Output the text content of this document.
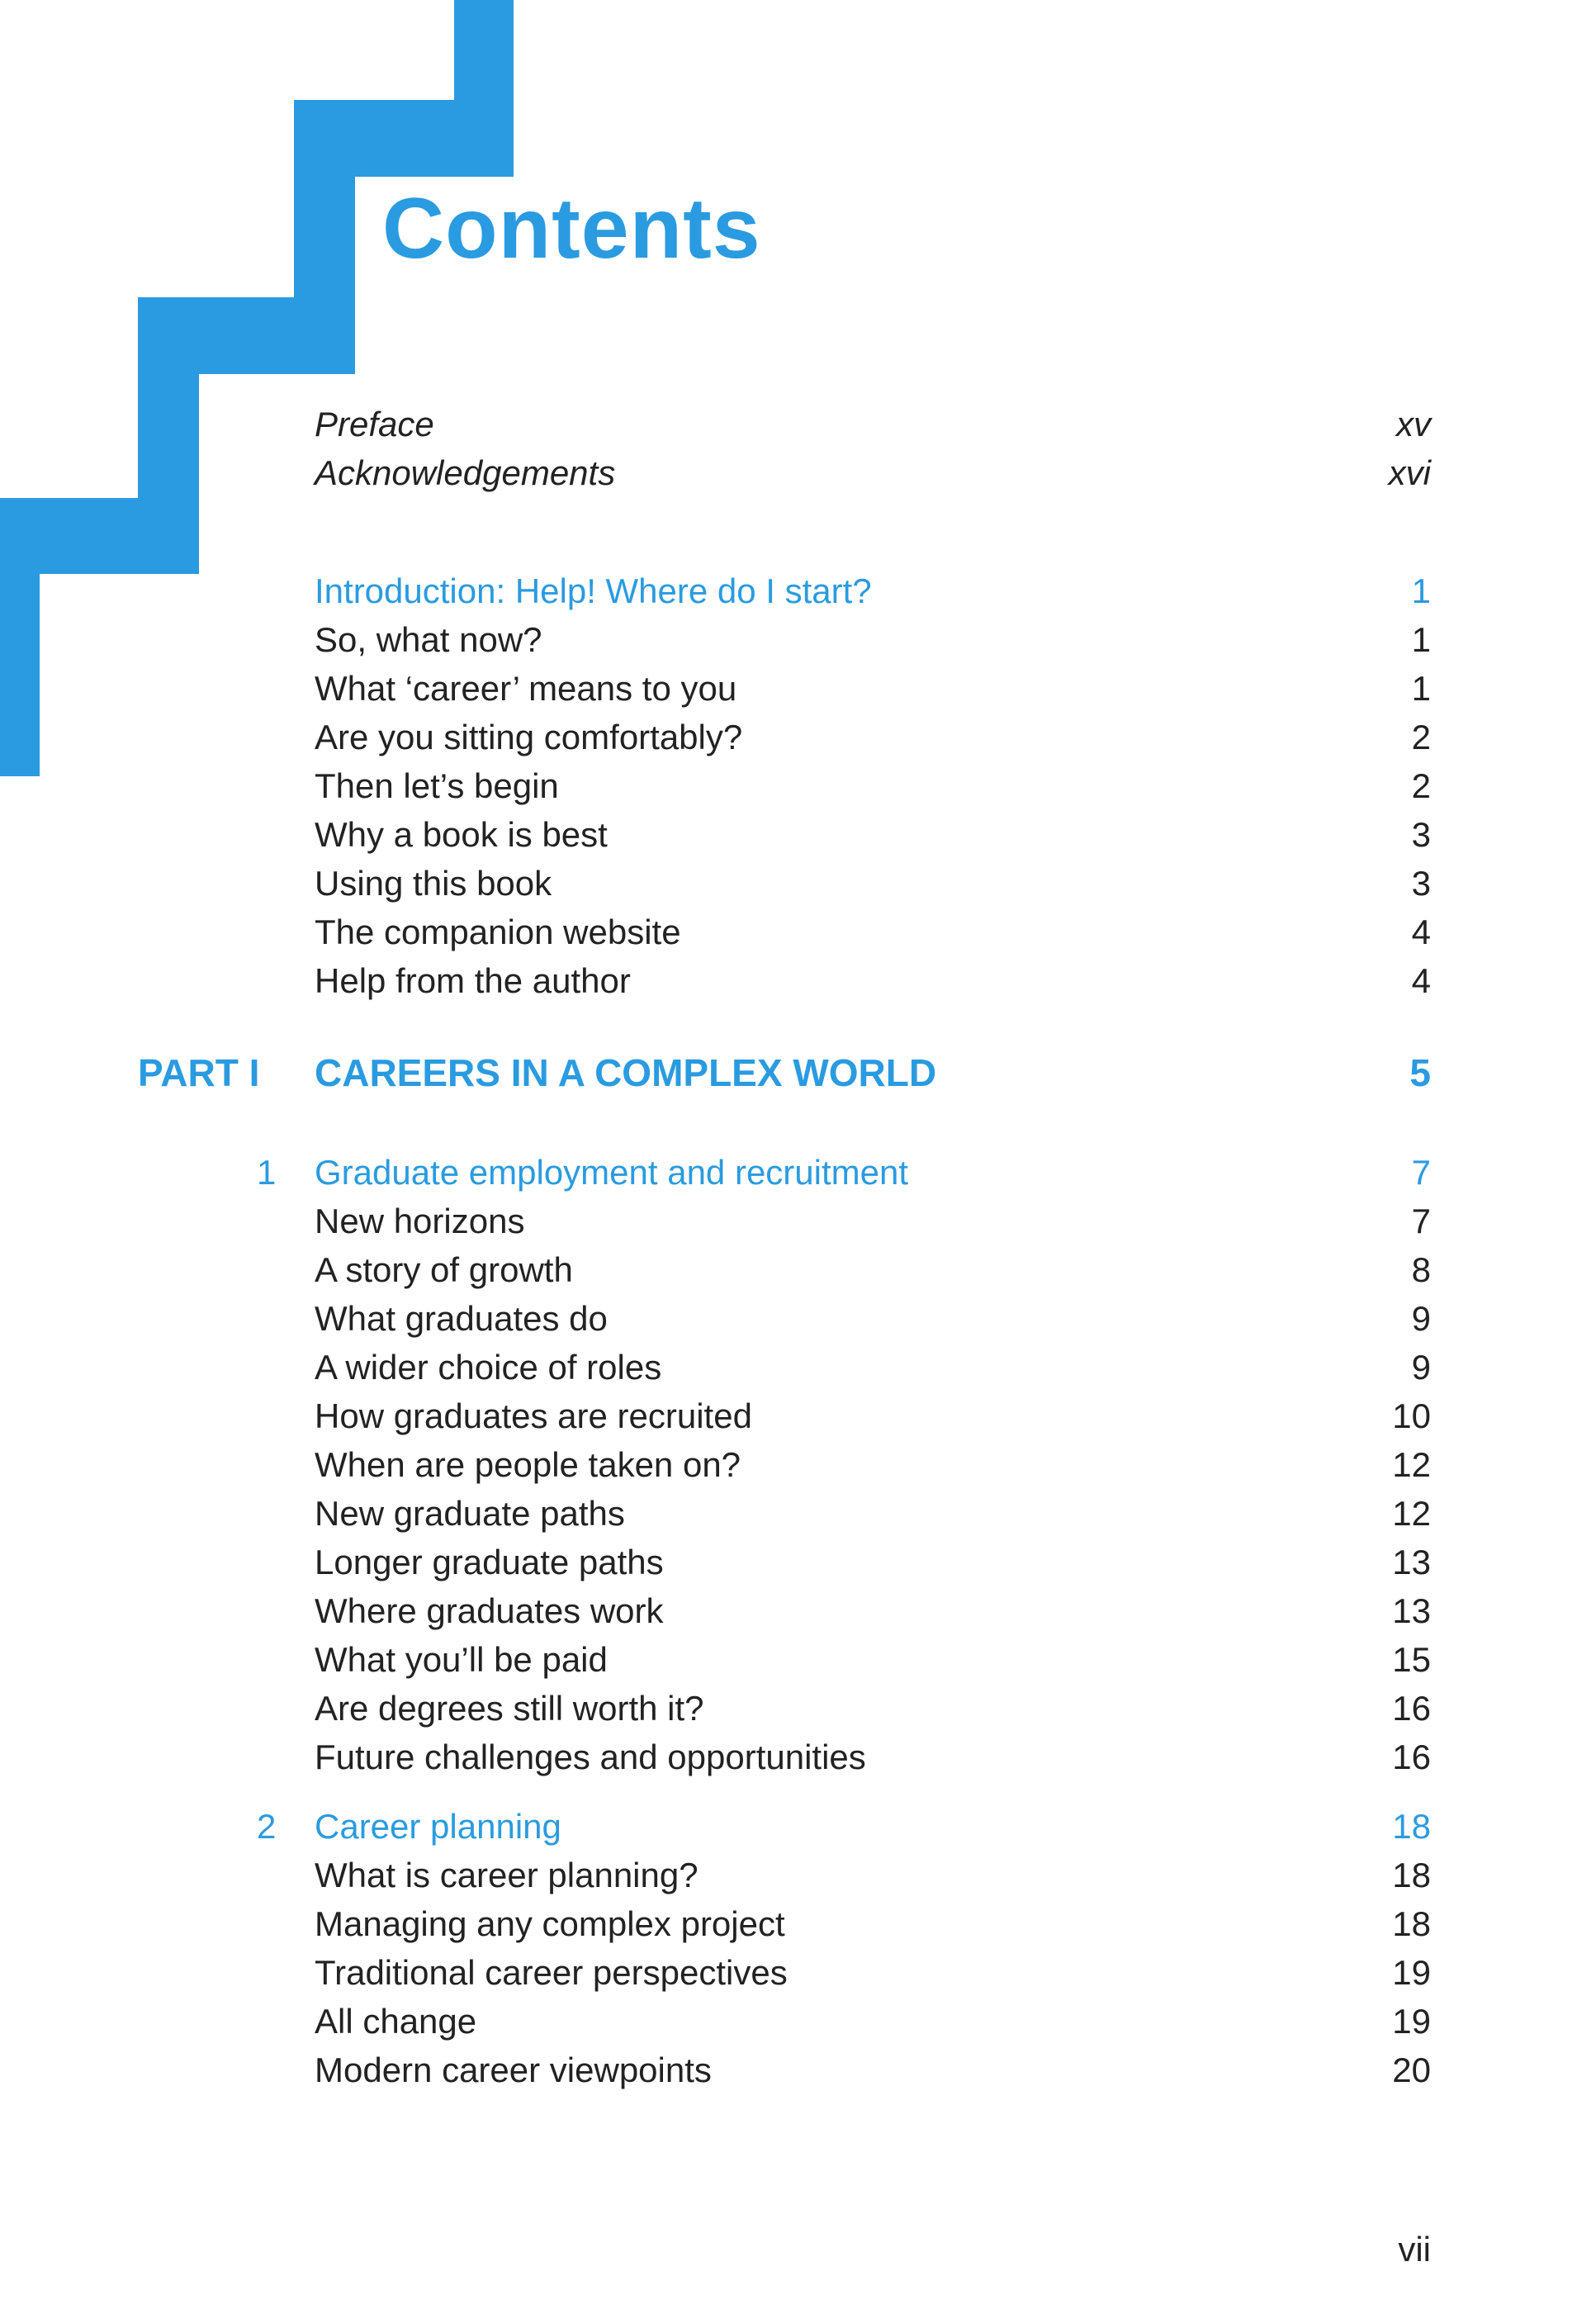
Contents
Preface	xv
Acknowledgements	xvi
Introduction: Help! Where do I start?	1
So, what now?	1
What ‘career’ means to you	1
Are you sitting comfortably?	2
Then let’s begin	2
Why a book is best	3
Using this book	3
The companion website	4
Help from the author	4
PART I CAREERS IN A COMPLEX WORLD	5
1 Graduate employment and recruitment	7
New horizons	7
A story of growth	8
What graduates do	9
A wider choice of roles	9
How graduates are recruited	10
When are people taken on?	12
New graduate paths	12
Longer graduate paths	13
Where graduates work	13
What you’ll be paid	15
Are degrees still worth it?	16
Future challenges and opportunities	16
2 Career planning	18
What is career planning?	18
Managing any complex project	18
Traditional career perspectives	19
All change	19
Modern career viewpoints	20
vii
